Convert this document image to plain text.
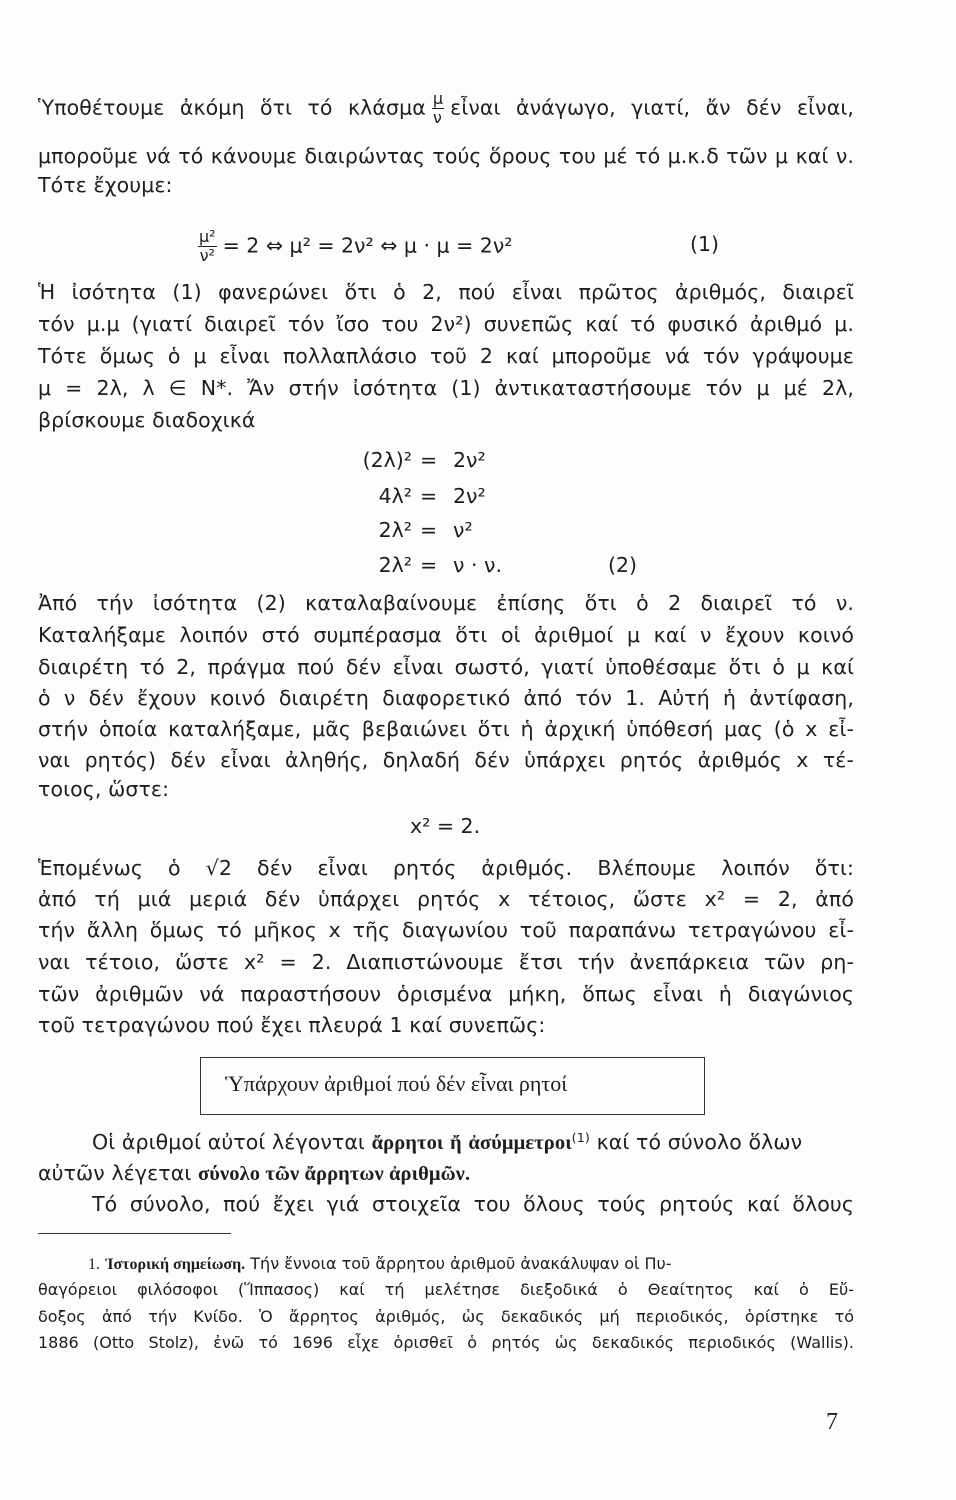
Ὑποθέτουμε ἀκόμη ὅτι τό κλάσμα $\frac{\mu}{\nu}$ εἶναι ἀνάγωγο, γιατί, ἄν δέν εἶναι,
μποροῦμε νά τό κάνουμε διαιρώντας τούς ὅρους του μέ τό μ.κ.δ τῶν μ καί ν.
Τότε ἔχουμε:
$\frac{\text{μ²}}{\text{ν²}} = 2$ ⇔ μ² = 2ν² ⇔ μ · μ = 2ν²	(1)
Ἡ ἰσότητα (1) φανερώνει ὅτι ὁ 2, πού εἶναι πρῶτος ἀριθμός, διαιρεῖ
τόν μ.μ (γιατί διαιρεῖ τόν ἴσο του 2ν²) συνεπῶς καί τό φυσικό ἀριθμό μ.
Τότε ὅμως ὁ μ εἶναι πολλαπλάσιο τοῦ 2 καί μποροῦμε νά τόν γράψουμε
μ = 2λ, λ ∈ N*. Ἄν στήν ἰσότητα (1) ἀντικαταστήσουμε τόν μ μέ 2λ,
βρίσκουμε διαδοχικά
(2λ)² = 2ν²
4λ² = 2ν²
2λ² = ν²
2λ² = ν · ν.	(2)
Ἀπό τήν ἰσότητα (2) καταλαβαίνουμε ἐπίσης ὅτι ὁ 2 διαιρεῖ τό ν.
Καταλήξαμε λοιπόν στό συμπέρασμα ὅτι οἱ ἀριθμοί μ καί ν ἔχουν κοινό
διαιρέτη τό 2, πράγμα πού δέν εἶναι σωστό, γιατί ὑποθέσαμε ὅτι ὁ μ καί
ὁ ν δέν ἔχουν κοινό διαιρέτη διαφορετικό ἀπό τόν 1. Αὐτή ἡ ἀντίφαση,
στήν ὁποία καταλήξαμε, μᾶς βεβαιώνει ὅτι ἡ ἀρχική ὑπόθεσή μας (ὁ x εἶ-
ναι ρητός) δέν εἶναι ἀληθής, δηλαδή δέν ὑπάρχει ρητός ἀριθμός x τέ-
τοιος, ὥστε:
x² = 2.
Ἑπομένως ὁ √2 δέν εἶναι ρητός ἀριθμός. Βλέπουμε λοιπόν ὅτι:
ἀπό τή μιά μεριά δέν ὑπάρχει ρητός x τέτοιος, ὥστε x² = 2, ἀπό
τήν ἄλλη ὅμως τό μῆκος x τῆς διαγωνίου τοῦ παραπάνω τετραγώνου εἶ-
ναι τέτοιο, ὥστε x² = 2. Διαπιστώνουμε ἔτσι τήν ἀνεπάρκεια τῶν ρη-
τῶν ἀριθμῶν νά παραστήσουν ὁρισμένα μήκη, ὅπως εἶναι ἡ διαγώνιος
τοῦ τετραγώνου πού ἔχει πλευρά 1 καί συνεπῶς:
Ὑπάρχουν ἀριθμοί πού δέν εἶναι ρητοί
Οἱ ἀριθμοί αὐτοί λέγονται ἄρρητοι ἤ ἀσύμμετροι$^{(1)}$ καί τό σύνολο ὅλων
αὐτῶν λέγεται σύνολο τῶν ἄρρητων ἀριθμῶν.
Τό σύνολο, πού ἔχει γιά στοιχεῖα του ὅλους τούς ρητούς καί ὅλους
1. Ἱστορική σημείωση. Τήν ἔννοια τοῦ ἄρρητου ἀριθμοῦ ἀνακάλυψαν οἱ Πυ-
θαγόρειοι φιλόσοφοι (Ἵππασος) καί τή μελέτησε διεξοδικά ὁ Θεαίτητος καί ὁ Εὔ-
δοξος ἀπό τήν Κνίδο. Ὁ ἄρρητος ἀριθμός, ὡς δεκαδικός μή περιοδικός, ὁρίστηκε τό
1886 (Otto Stolz), ἐνῶ τό 1696 εἶχε ὁρισθεῖ ὁ ρητός ὡς δεκαδικός περιοδικός (Wallis).
7
